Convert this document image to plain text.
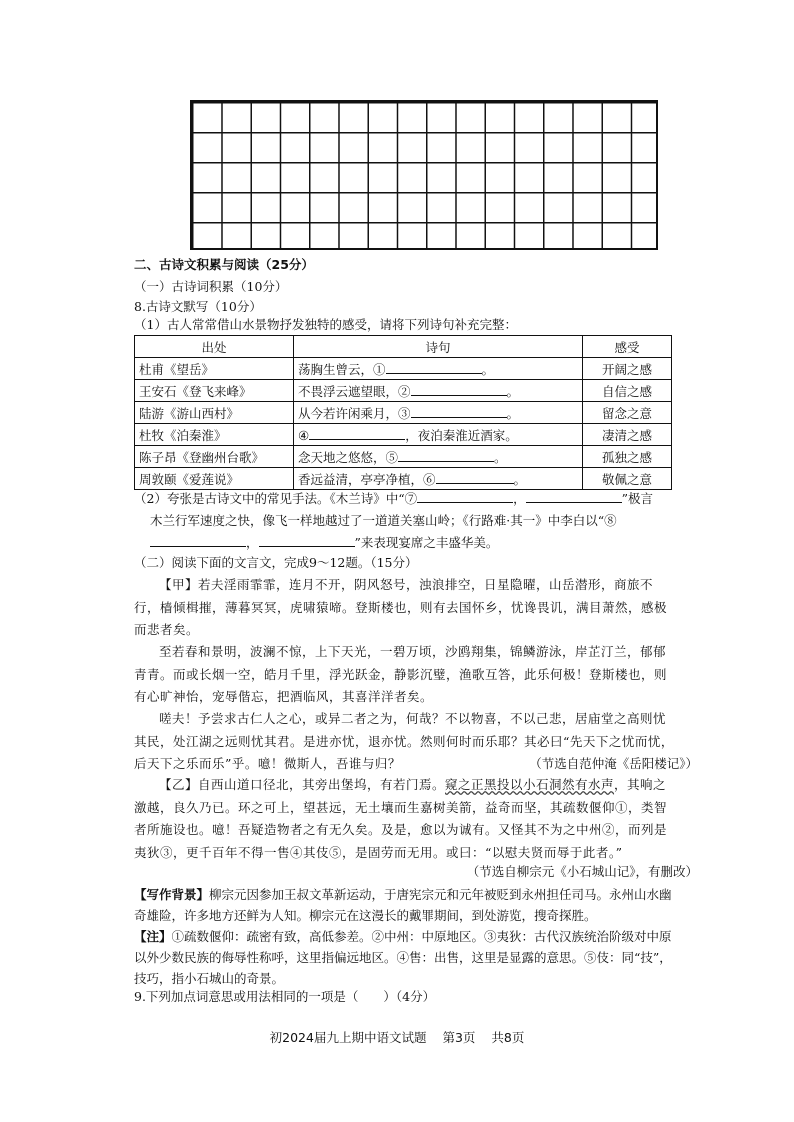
二、古诗文积累与阅读（25分）
（一）古诗词积累（10分）
8.古诗文默写（10分）
（1）古人常常借山水景物抒发独特的感受，请将下列诗句补充完整：
出处	诗句	感受
杜甫《望岳》	荡胸生曾云，① 。	开阔之感
王安石《登飞来峰》	不畏浮云遮望眼，② 。	自信之感
陆游《游山西村》	从今若许闲乘月，③ 。	留念之意
杜牧《泊秦淮》	④ ，夜泊秦淮近酒家。	凄清之感
陈子昂《登幽州台歌》	念天地之悠悠，⑤ 。	孤独之感
周敦颐《爱莲说》	香远益清，亭亭净植，⑥ 。	敬佩之意
（2）夸张是古诗文中的常见手法。《木兰诗》中“⑦	，	”极言
木兰行军速度之快，像飞一样地越过了一道道关塞山岭；《行路难·其一》中李白以“⑧
，	”来表现宴席之丰盛华美。
（二）阅读下面的文言文，完成9～12题。（15分）
【甲】若夫淫雨霏霏，连月不开，阴风怒号，浊浪排空，日星隐曜，山岳潜形，商旅不行，樯倾楫摧，薄暮冥冥，虎啸猿啼。登斯楼也，则有去国怀乡，忧谗畏讥，满目萧然，感极而悲者矣。
至若春和景明，波澜不惊，上下天光，一碧万顷，沙鸥翔集，锦鳞游泳，岸芷汀兰，郁郁青青。而或长烟一空，皓月千里，浮光跃金，静影沉璧，渔歌互答，此乐何极！登斯楼也，则有心旷神怡，宠辱偕忘，把酒临风，其喜洋洋者矣。
嗟夫！予尝求古仁人之心，或异二者之为，何哉？不以物喜，不以己悲，居庙堂之高则忧其民，处江湖之远则忧其君。是进亦忧，退亦忧。然则何时而乐耶？其必曰“先天下之忧而忧，后天下之乐而乐”乎。噫！微斯人，吾谁与归？	（节选自范仲淹《岳阳楼记》）
【乙】自西山道口径北，其旁出堡坞，有若门焉。窥之正黑投以小石洞然有水声，其响之激越，良久乃已。环之可上，望甚远，无土壤而生嘉树美箭，益奇而坚，其疏数偃仰①，类智者所施设也。噫！吾疑造物者之有无久矣。及是，愈以为诚有。又怪其不为之中州②，而列是夷狄③，更千百年不得一售④其伎⑤，是固劳而无用。或曰：“以慰夫贤而辱于此者。”
（节选自柳宗元《小石城山记》，有删改）
【写作背景】柳宗元因参加王叔文革新运动，于唐宪宗元和元年被贬到永州担任司马。永州山水幽奇雄险，许多地方还鲜为人知。柳宗元在这漫长的戴罪期间，到处游览，搜奇探胜。
【注】①疏数偃仰：疏密有致，高低参差。②中州：中原地区。③夷狄：古代汉族统治阶级对中原以外少数民族的侮辱性称呼，这里指偏远地区。④售：出售，这里是显露的意思。⑤伎：同“技”，技巧，指小石城山的奇景。
9.下列加点词意思或用法相同的一项是（　　）（4分）
初2024届九上期中语文试题 第3页 共8页
